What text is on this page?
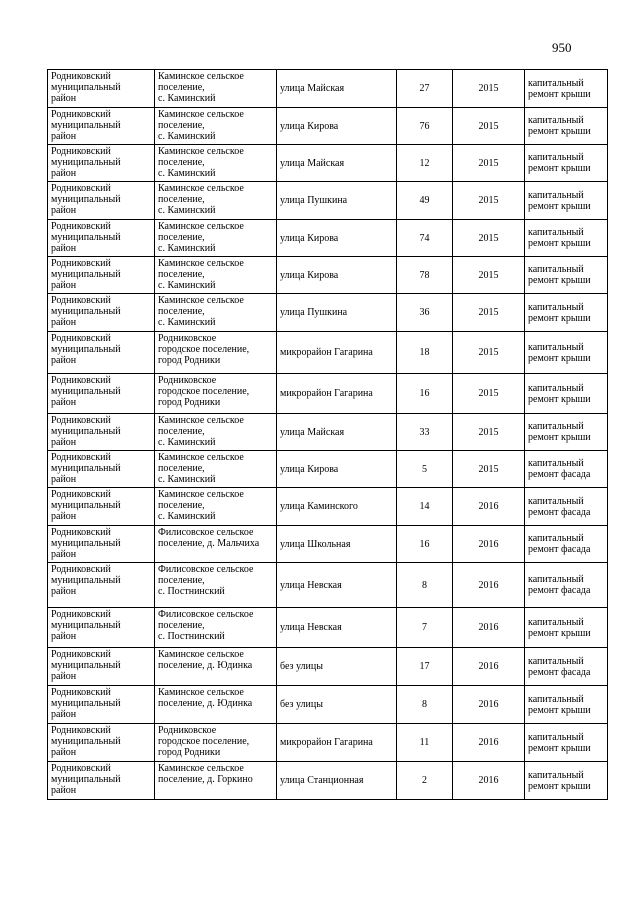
950
Родниковский
муниципальный
район	Каминское сельское
поселение,
с. Каминский	улица Майская	27	2015	капитальный
ремонт крыши
Родниковский
муниципальный
район	Каминское сельское
поселение,
с. Каминский	улица Кирова	76	2015	капитальный
ремонт крыши
Родниковский
муниципальный
район	Каминское сельское
поселение,
с. Каминский	улица Майская	12	2015	капитальный
ремонт крыши
Родниковский
муниципальный
район	Каминское сельское
поселение,
с. Каминский	улица Пушкина	49	2015	капитальный
ремонт крыши
Родниковский
муниципальный
район	Каминское сельское
поселение,
с. Каминский	улица Кирова	74	2015	капитальный
ремонт крыши
Родниковский
муниципальный
район	Каминское сельское
поселение,
с. Каминский	улица Кирова	78	2015	капитальный
ремонт крыши
Родниковский
муниципальный
район	Каминское сельское
поселение,
с. Каминский	улица Пушкина	36	2015	капитальный
ремонт крыши
Родниковский
муниципальный
район	Родниковское
городское поселение,
город Родники	микрорайон Гагарина	18	2015	капитальный
ремонт крыши
Родниковский
муниципальный
район	Родниковское
городское поселение,
город Родники	микрорайон Гагарина	16	2015	капитальный
ремонт крыши
Родниковский
муниципальный
район	Каминское сельское
поселение,
с. Каминский	улица Майская	33	2015	капитальный
ремонт крыши
Родниковский
муниципальный
район	Каминское сельское
поселение,
с. Каминский	улица Кирова	5	2015	капитальный
ремонт фасада
Родниковский
муниципальный
район	Каминское сельское
поселение,
с. Каминский	улица Каминского	14	2016	капитальный
ремонт фасада
Родниковский
муниципальный
район	Филисовское сельское
поселение, д. Мальчиха	улица Школьная	16	2016	капитальный
ремонт фасада
Родниковский
муниципальный
район	Филисовское сельское
поселение,
с. Постнинский	улица Невская	8	2016	капитальный
ремонт фасада
Родниковский
муниципальный
район	Филисовское сельское
поселение,
с. Постнинский	улица Невская	7	2016	капитальный
ремонт крыши
Родниковский
муниципальный
район	Каминское сельское
поселение, д. Юдинка	без улицы	17	2016	капитальный
ремонт фасада
Родниковский
муниципальный
район	Каминское сельское
поселение, д. Юдинка	без улицы	8	2016	капитальный
ремонт крыши
Родниковский
муниципальный
район	Родниковское
городское поселение,
город Родники	микрорайон Гагарина	11	2016	капитальный
ремонт крыши
Родниковский
муниципальный
район	Каминское сельское
поселение, д. Горкино	улица Станционная	2	2016	капитальный
ремонт крыши
